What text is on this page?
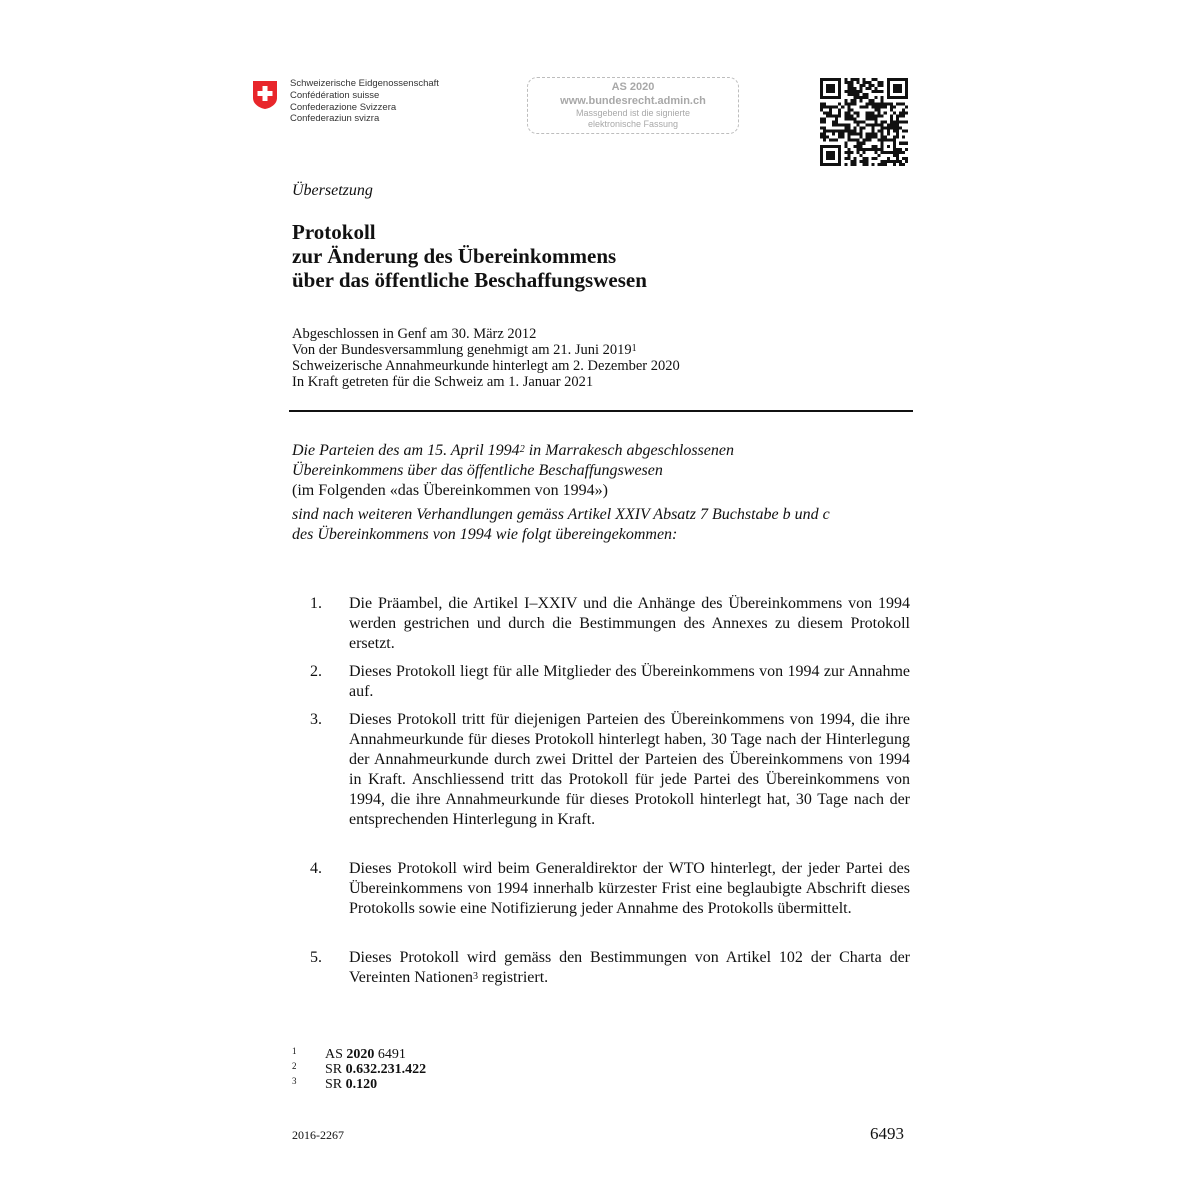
Schweizerische Eidgenossenschaft
Confédération suisse
Confederazione Svizzera
Confederaziun svizra
AS 2020
www.bundesrecht.admin.ch
Massgebend ist die signierte
elektronische Fassung
Übersetzung
Protokoll
zur Änderung des Übereinkommens
über das öffentliche Beschaffungswesen
Abgeschlossen in Genf am 30. März 2012
Von der Bundesversammlung genehmigt am 21. Juni 2019$^1$
Schweizerische Annahmeurkunde hinterlegt am 2. Dezember 2020
In Kraft getreten für die Schweiz am 1. Januar 2021
Die Parteien des am 15. April 1994$^2$ in Marrakesch abgeschlossenen
Übereinkommens über das öffentliche Beschaffungswesen
(im Folgenden «das Übereinkommen von 1994»)
sind nach weiteren Verhandlungen gemäss Artikel XXIV Absatz 7 Buchstabe b und c
des Übereinkommens von 1994 wie folgt übereingekommen:
1. Die Präambel, die Artikel I–XXIV und die Anhänge des Übereinkommens von 1994 werden gestrichen und durch die Bestimmungen des Annexes zu diesem Protokoll ersetzt.
2. Dieses Protokoll liegt für alle Mitglieder des Übereinkommens von 1994 zur Annahme auf.
3. Dieses Protokoll tritt für diejenigen Parteien des Übereinkommens von 1994, die ihre Annahmeurkunde für dieses Protokoll hinterlegt haben, 30 Tage nach der Hinterlegung der Annahmeurkunde durch zwei Drittel der Parteien des Übereinkommens von 1994 in Kraft. Anschliessend tritt das Protokoll für jede Partei des Übereinkommens von 1994, die ihre Annahmeurkunde für dieses Protokoll hinterlegt hat, 30 Tage nach der entsprechenden Hinterlegung in Kraft.
4. Dieses Protokoll wird beim Generaldirektor der WTO hinterlegt, der jeder Partei des Übereinkommens von 1994 innerhalb kürzester Frist eine beglaubigte Abschrift dieses Protokolls sowie eine Notifizierung jeder Annahme des Protokolls übermittelt.
5. Dieses Protokoll wird gemäss den Bestimmungen von Artikel 102 der Charta der Vereinten Nationen$^3$ registriert.
1 AS 2020 6491
2 SR 0.632.231.422
3 SR 0.120
2016-2267	6493
